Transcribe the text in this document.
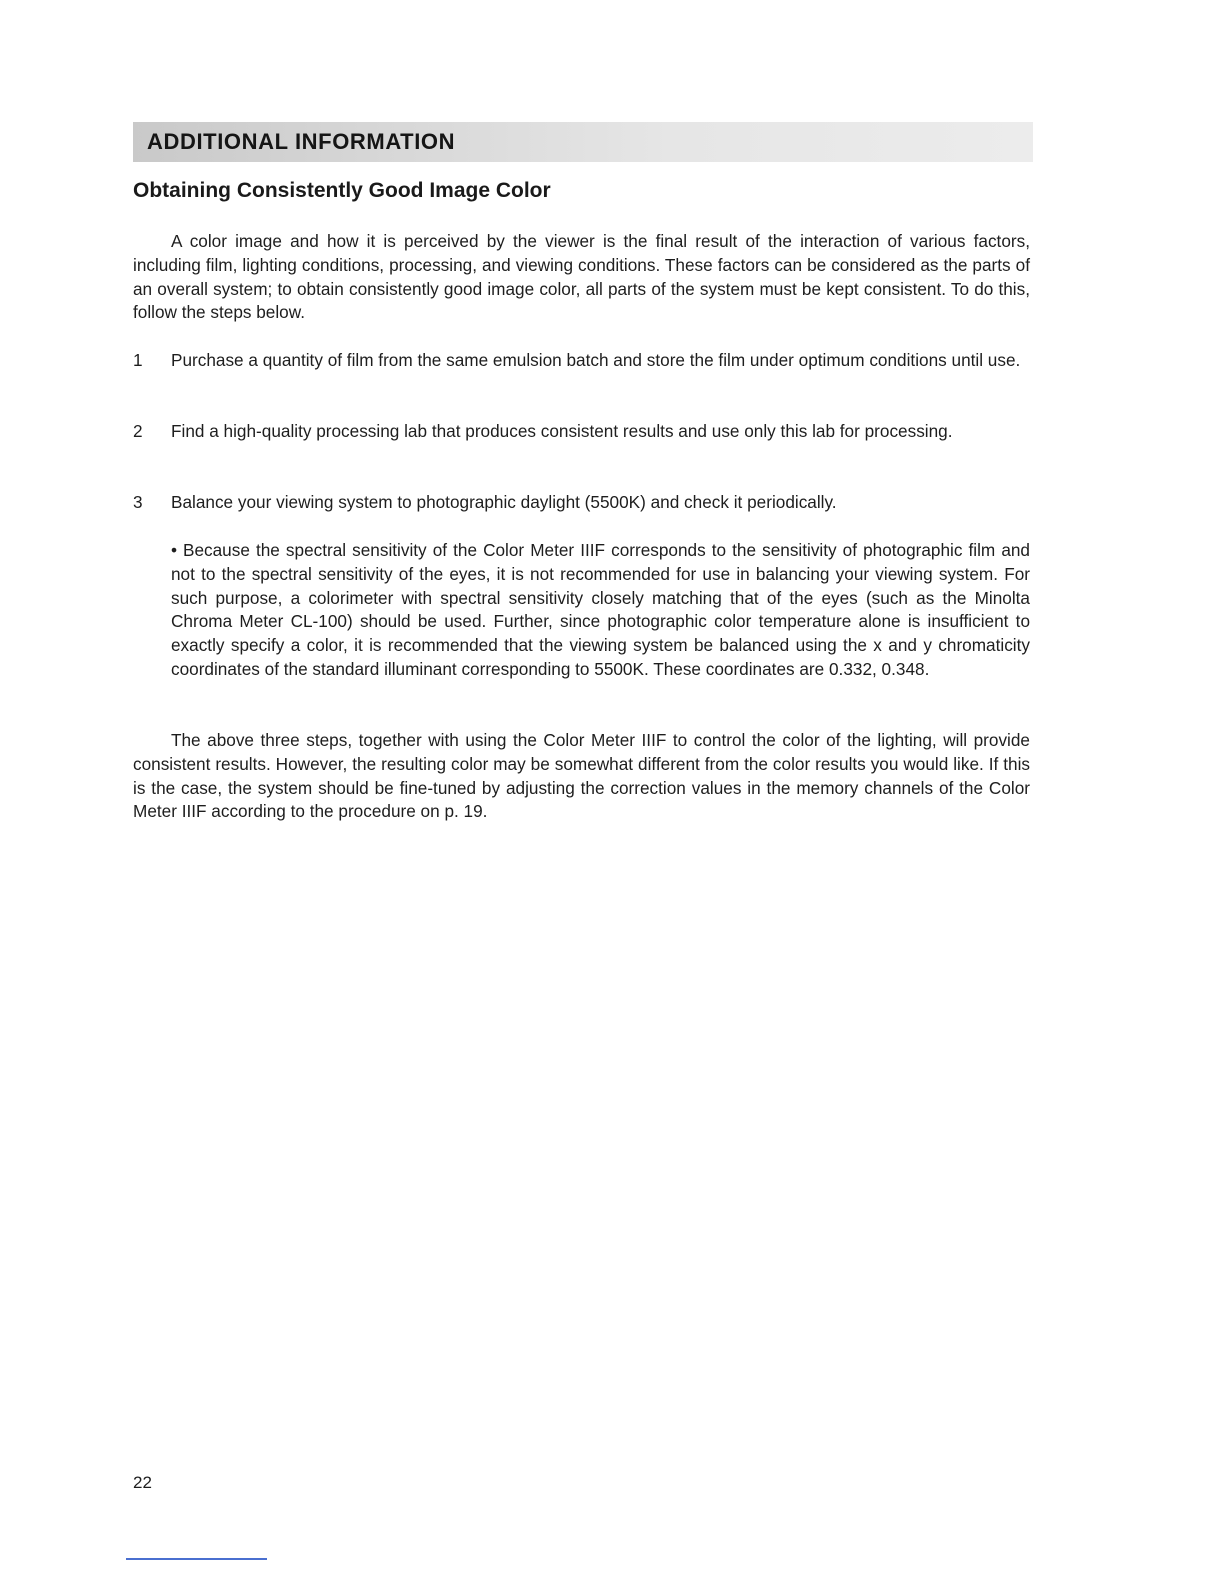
ADDITIONAL INFORMATION
Obtaining Consistently Good Image Color
A color image and how it is perceived by the viewer is the final result of the interaction of various factors, including film, lighting conditions, processing, and viewing conditions. These factors can be considered as the parts of an overall system; to obtain consistently good image color, all parts of the system must be kept consistent. To do this, follow the steps below.
1	Purchase a quantity of film from the same emulsion batch and store the film under optimum conditions until use.
2	Find a high-quality processing lab that produces consistent results and use only this lab for processing.
3	Balance your viewing system to photographic daylight (5500K) and check it periodically.
• Because the spectral sensitivity of the Color Meter IIIF corresponds to the sensitivity of photographic film and not to the spectral sensitivity of the eyes, it is not recommended for use in balancing your viewing system. For such purpose, a colorimeter with spectral sensitivity closely matching that of the eyes (such as the Minolta Chroma Meter CL-100) should be used. Further, since photographic color temperature alone is insufficient to exactly specify a color, it is recommended that the viewing system be balanced using the x and y chromaticity coordinates of the standard illuminant corresponding to 5500K. These coordinates are 0.332, 0.348.
The above three steps, together with using the Color Meter IIIF to control the color of the lighting, will provide consistent results. However, the resulting color may be somewhat different from the color results you would like. If this is the case, the system should be fine-tuned by adjusting the correction values in the memory channels of the Color Meter IIIF according to the procedure on p. 19.
22
